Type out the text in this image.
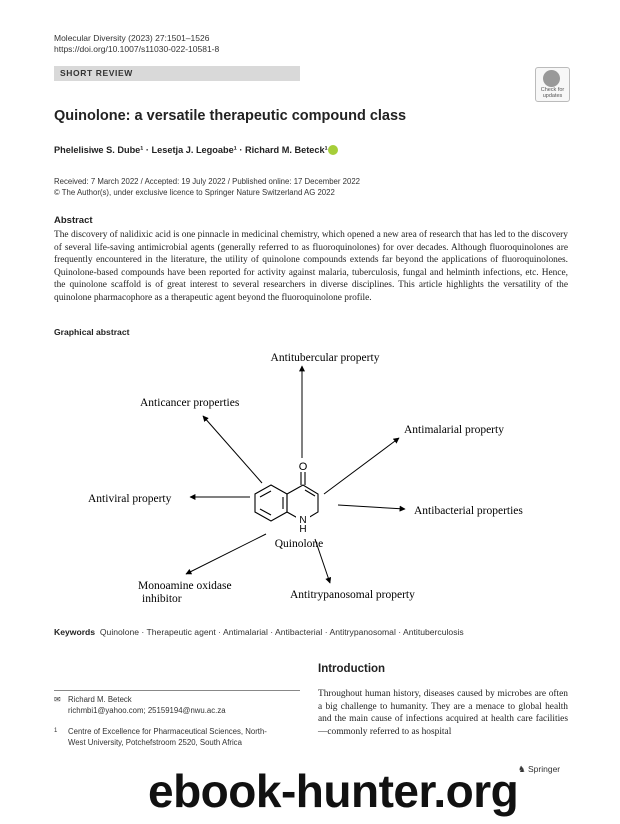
Molecular Diversity (2023) 27:1501–1526
https://doi.org/10.1007/s11030-022-10581-8
SHORT REVIEW
Check for updates
Quinolone: a versatile therapeutic compound class
Phelelisiwe S. Dube¹ · Lesetja J. Legoabe¹ · Richard M. Beteck¹
Received: 7 March 2022 / Accepted: 19 July 2022 / Published online: 17 December 2022
© The Author(s), under exclusive licence to Springer Nature Switzerland AG 2022
Abstract
The discovery of nalidixic acid is one pinnacle in medicinal chemistry, which opened a new area of research that has led to the discovery of several life-saving antimicrobial agents (generally referred to as fluoroquinolones) for over decades. Although fluoroquinolones are frequently encountered in the literature, the utility of quinolone compounds extends far beyond the applications of fluoroquinolones. Quinolone-based compounds have been reported for activity against malaria, tuberculosis, fungal and helminth infections, etc. Hence, the quinolone scaffold is of great interest to several researchers in diverse disciplines. This article highlights the versatility of the quinolone pharmacophore as a therapeutic agent beyond the fluoroquinolone profile.
Graphical abstract
O
N
H
Quinolone
Antitubercular property
Anticancer properties
Antimalarial property
Antiviral property
Antibacterial properties
Monoamine oxidase
inhibitor	Antitrypanosomal property
Keywords Quinolone · Therapeutic agent · Antimalarial · Antibacterial · Antitrypanosomal · Antituberculosis
Introduction
Throughout human history, diseases caused by microbes are often a big challenge to humanity. They are a menace to global health and the main cause of infections acquired at health care facilities—commonly referred to as hospital
✉ Richard M. Beteck
richmbi1@yahoo.com; 25159194@nwu.ac.za
1 Centre of Excellence for Pharmaceutical Sciences, North-
West University, Potchefstroom 2520, South Africa
♞ Springer
ebook-hunter.org
